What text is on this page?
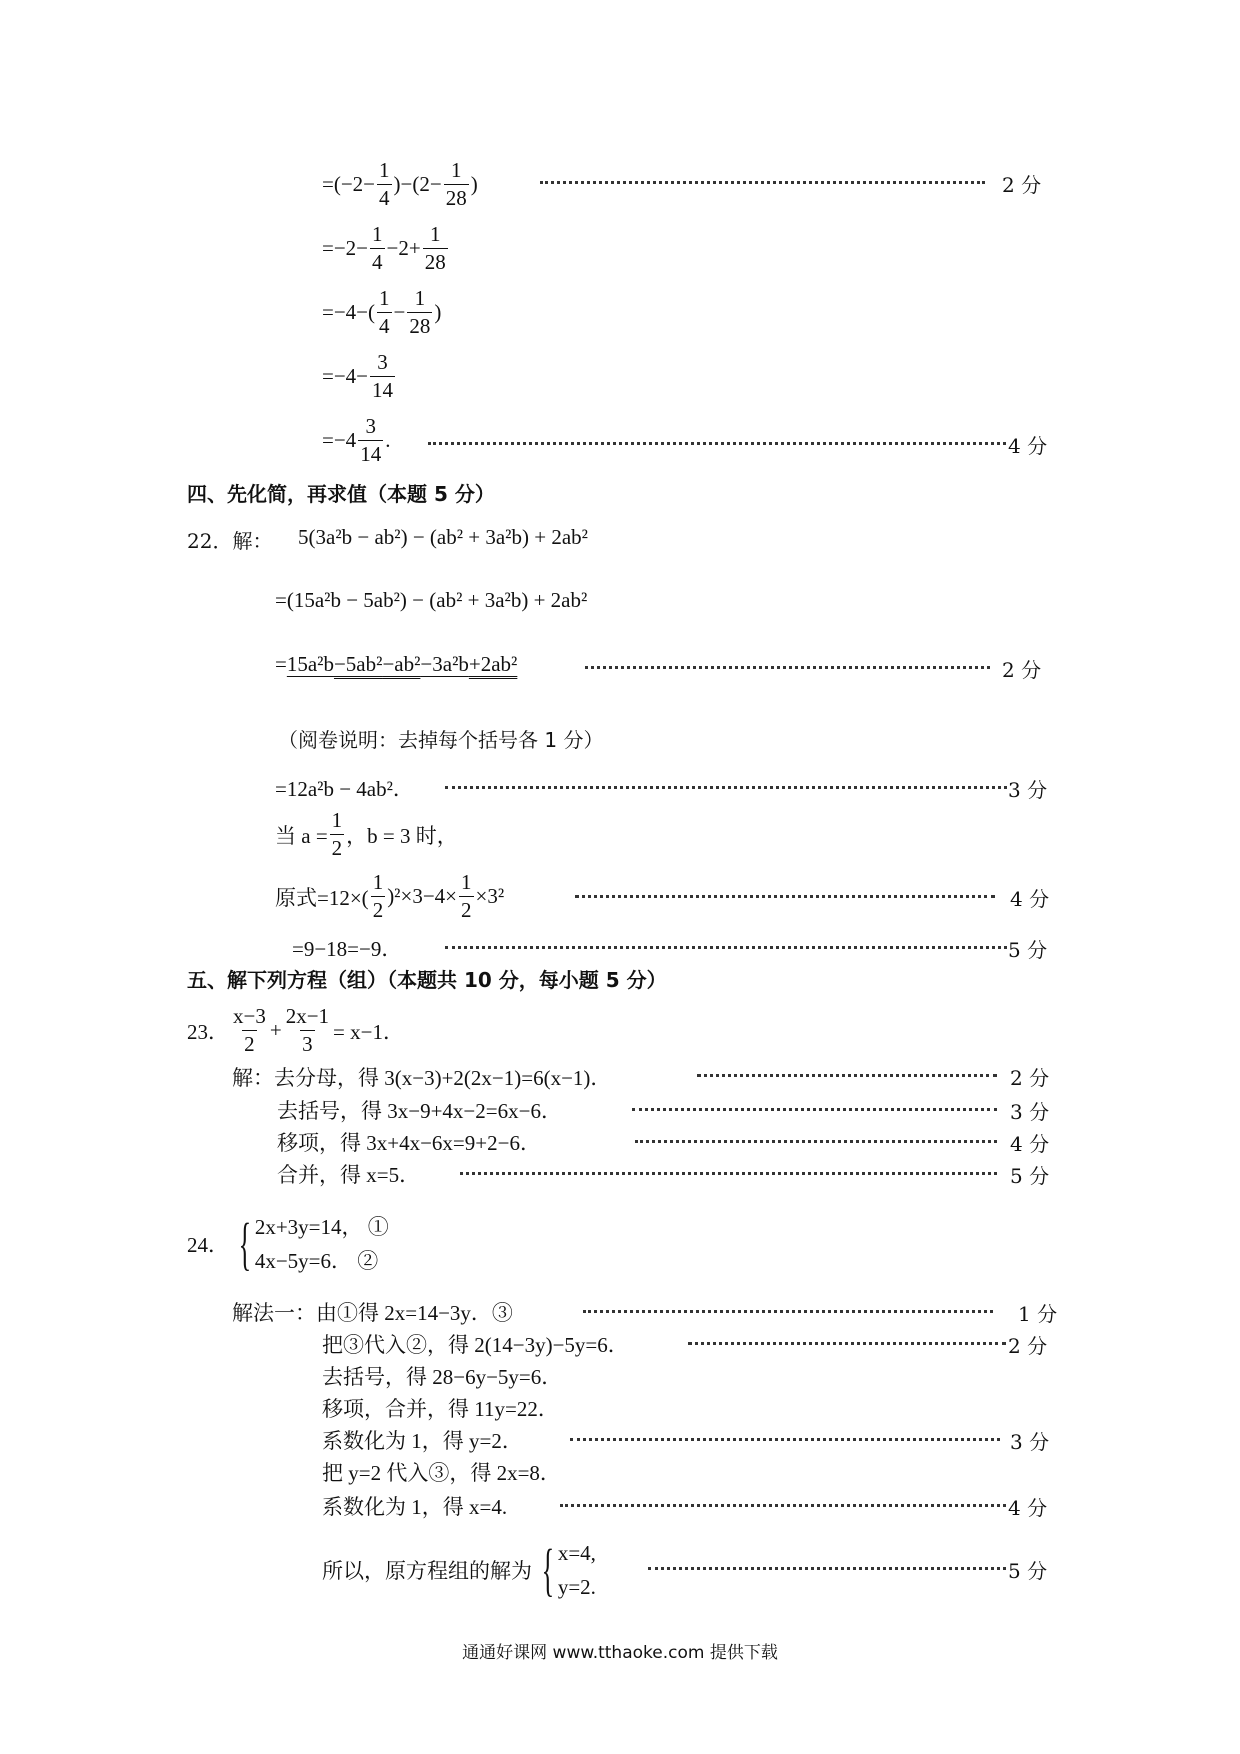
$=(-2- \frac{1}{4} )-(2- \frac{1}{28}$ )	2 分
$=-2- \frac{1}{4} -2+ \frac{1}{28}$
$=-4-( \frac{1}{4} - \frac{1}{28}$ )
$=-4- \frac{3}{14}$
$=-4 \frac{3}{14}$ .	4 分
四、先化简，再求值（本题 5 分）
22．解： 5(3a²b − ab²) − (ab² + 3a²b) + 2ab²
=(15a²b − 5ab²) − (ab² + 3a²b) + 2ab²
= 15a²b −5ab² −ab² −3a²b +2ab²	2 分
（阅卷说明：去掉每个括号各 1 分）
=12a²b − 4ab²．	3 分
当 $a = \frac{1}{2}$ ，b = 3 时，
原式$=12\times( \frac{1}{2} )^2\times 3-4\times \frac{1}{2} \times 3^2$	4 分
=9−18=−9．	5 分
五、解下列方程（组）（本题共 10 分，每小题 5 分）
23． $\frac{x-3}{2} + \frac{2x-1}{3} = x-1$．
解：去分母，得 3(x−3)+2(2x−1)=6(x−1)．	2 分
去括号，得 3x−9+4x−2=6x−6．	3 分
移项，得 3x+4x−6x=9+2−6．	4 分
合并，得 x=5．	5 分
24． { 2x+3y=14， ①
4x−5y=6． ②
解法一：由①得 2x=14−3y．③	1 分
把③代入②，得 2(14−3y)−5y=6．	2 分
去括号，得 28−6y−5y=6．
移项，合并，得 11y=22．
系数化为 1，得 y=2．	3 分
把 y=2 代入③，得 2x=8．
系数化为 1，得 x=4.	4 分
所以，原方程组的解为 { x=4,
y=2.
5 分
通通好课网 www.tthaoke.com 提供下载
